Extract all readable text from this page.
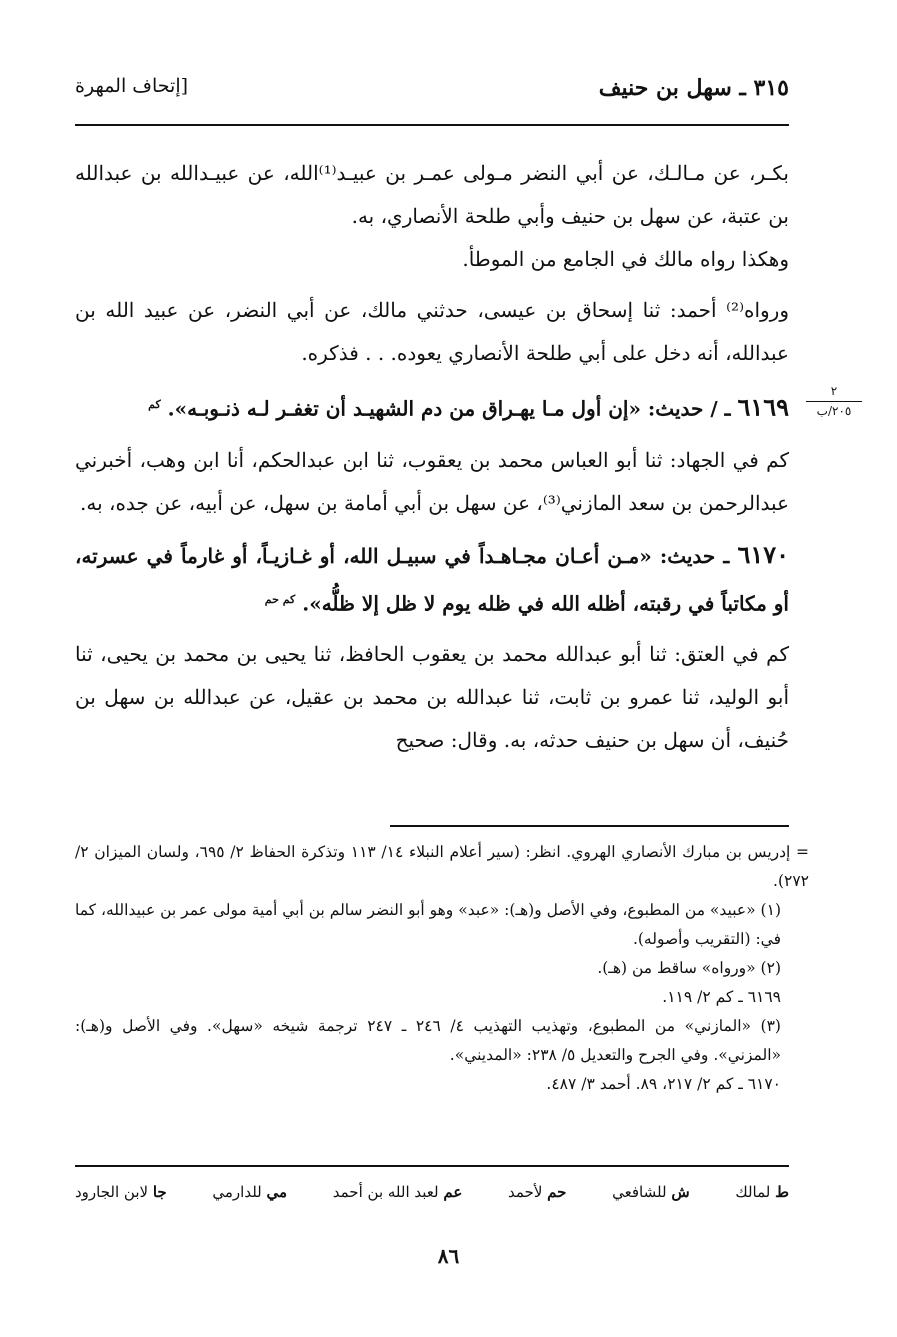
٣١٥ ـ سهل بن حنيف
[إتحاف المهرة
٢
٢٠٥/ب

بكـر، عن مـالـك، عن أبي النضر مـولى عمـر بن عبيـد⁽¹⁾الله، عن عبيـدالله بن عبدالله بن عتبة، عن سهل بن حنيف وأبي طلحة الأنصاري، به.

وهكذا رواه مالك في الجامع من الموطأ.

ورواه⁽²⁾ أحمد: ثنا إسحاق بن عيسى، حدثني مالك، عن أبي النضر، عن عبيد الله بن عبدالله، أنه دخل على أبي طلحة الأنصاري يعوده. . . فذكره.

٦١٦٩ ـ / حديث: «إن أول مـا يهـراق من دم الشهيـد أن تغفـر لـه ذنـوبـه». $^{كم}$

كم في الجهاد: ثنا أبو العباس محمد بن يعقوب، ثنا ابن عبدالحكم، أنا ابن وهب، أخبرني عبدالرحمن بن سعد المازني⁽³⁾، عن سهل بن أبي أمامة بن سهل، عن أبيه، عن جده، به.

٦١٧٠ ـ حديث: «مـن أعـان مجـاهـداً في سبيـل الله، أو غـازيـاً، أو غارماً في عسرته، أو مكاتباً في رقبته، أظله الله في ظله يوم لا ظل إلا ظلُّه». $^{كم حم}$

كم في العتق: ثنا أبو عبدالله محمد بن يعقوب الحافظ، ثنا يحيى بن محمد بن يحيى، ثنا أبو الوليد، ثنا عمرو بن ثابت، ثنا عبدالله بن محمد بن عقيل، عن عبدالله بن سهل بن حُنيف، أن سهل بن حنيف حدثه، به. وقال: صحيح

= إدريس بن مبارك الأنصاري الهروي. انظر: (سير أعلام النبلاء ١٤/ ١١٣ وتذكرة الحفاظ ٢/ ٦٩٥، ولسان الميزان ٢/ ٢٧٢).

(١) «عبيد» من المطبوع، وفي الأصل و(هـ): «عبد» وهو أبو النضر سالم بن أبي أمية مولى عمر بن عبيدالله، كما في: (التقريب وأصوله).

(٢) «ورواه» ساقط من (هـ).

٦١٦٩ ـ كم ٢/ ١١٩.

(٣) «المازني» من المطبوع، وتهذيب التهذيب ٤/ ٢٤٦ ـ ٢٤٧ ترجمة شيخه «سهل». وفي الأصل و(هـ): «المزني». وفي الجرح والتعديل ٥/ ٢٣٨: «المديني».

٦١٧٠ ـ كم ٢/ ٢١٧، ٨٩. أحمد ٣/ ٤٨٧.

ط لمالك
ش للشافعي
حم لأحمد
عم لعبد الله بن أحمد
مي للدارمي
جا لابن الجارود
٨٦
